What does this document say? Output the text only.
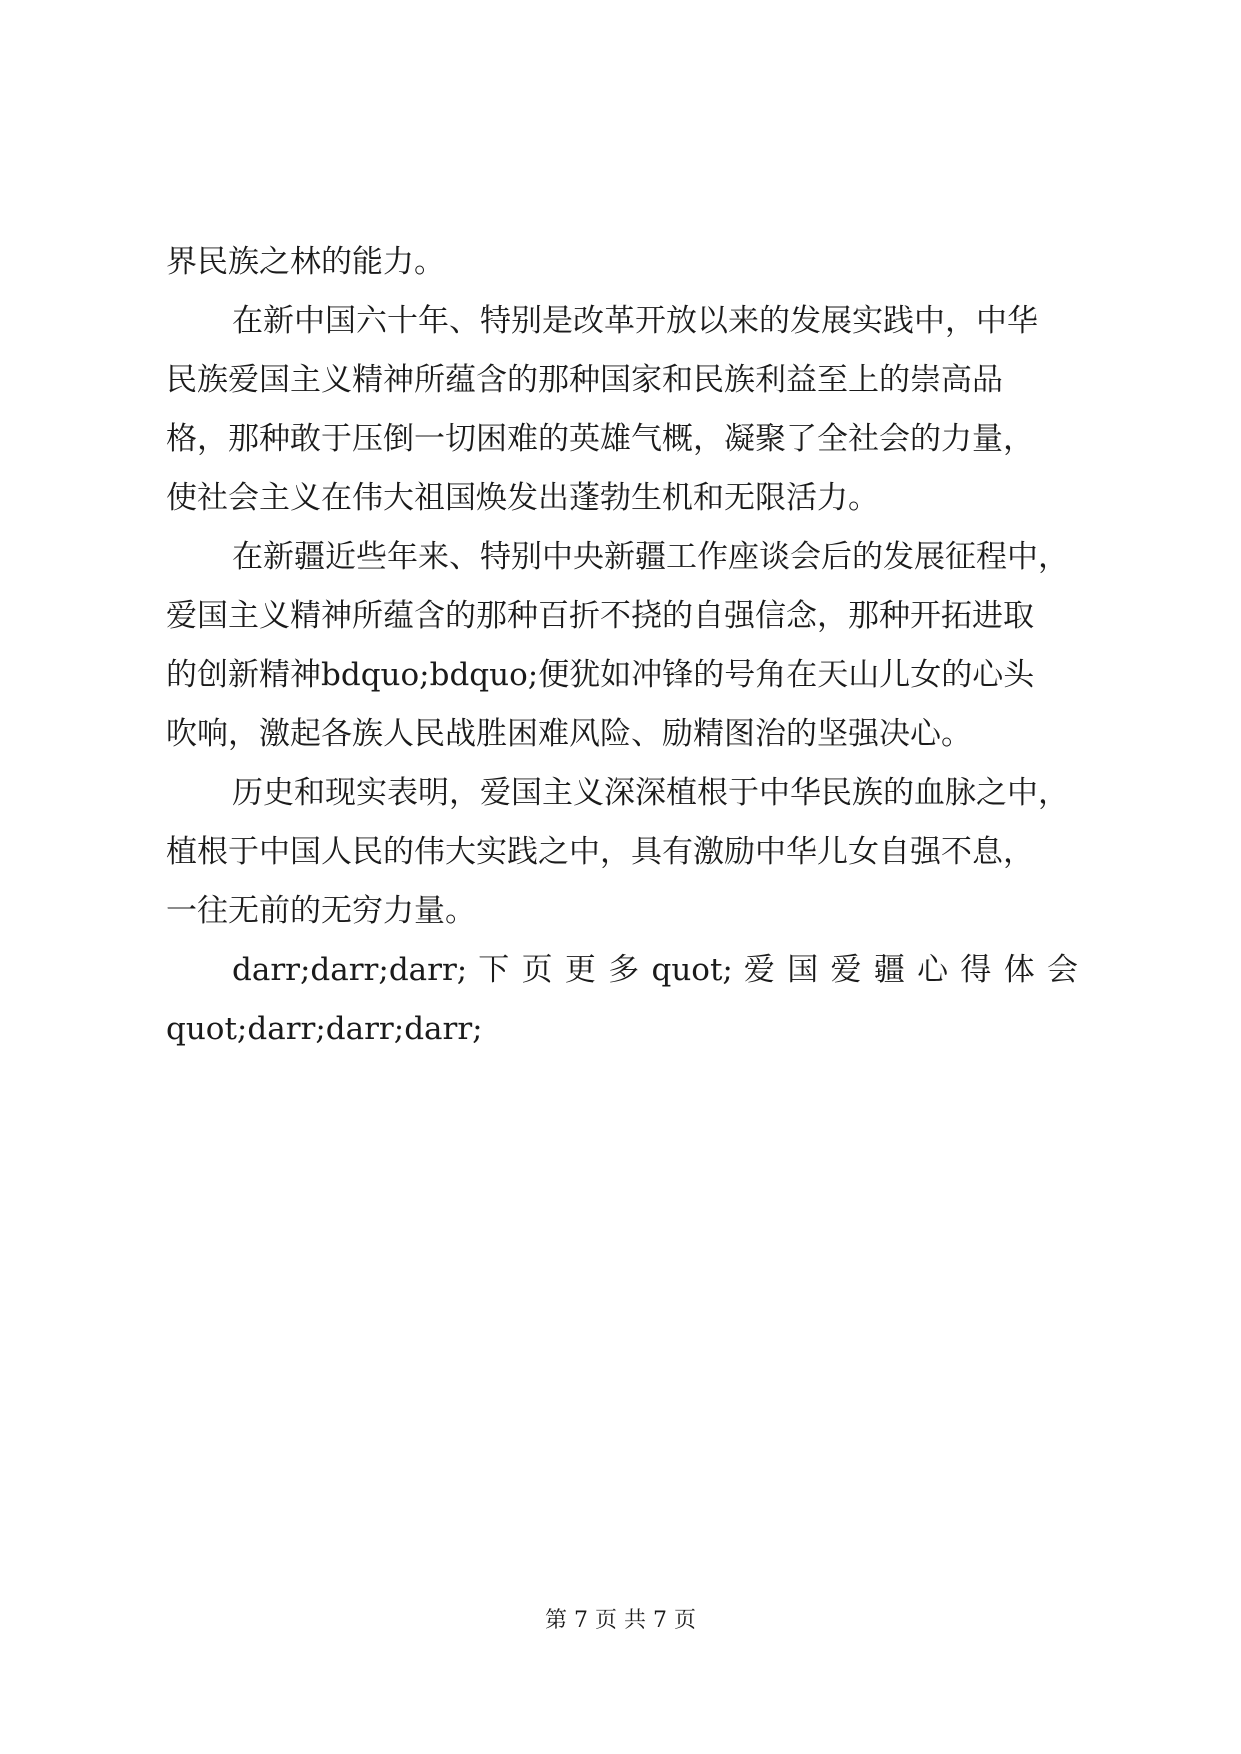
界民族之林的能力。
在新中国六十年、特别是改革开放以来的发展实践中，中华
民族爱国主义精神所蕴含的那种国家和民族利益至上的崇高品
格，那种敢于压倒一切困难的英雄气概，凝聚了全社会的力量，
使社会主义在伟大祖国焕发出蓬勃生机和无限活力。
在新疆近些年来、特别中央新疆工作座谈会后的发展征程中，
爱国主义精神所蕴含的那种百折不挠的自强信念，那种开拓进取
的创新精神bdquo;bdquo;便犹如冲锋的号角在天山儿女的心头
吹响，激起各族人民战胜困难风险、励精图治的坚强决心。
历史和现实表明，爱国主义深深植根于中华民族的血脉之中，
植根于中国人民的伟大实践之中，具有激励中华儿女自强不息，
一往无前的无穷力量。
darr;darr;darr; 下 页 更 多 quot; 爱 国 爱 疆 心 得 体 会
quot;darr;darr;darr;
第 7 页 共 7 页
